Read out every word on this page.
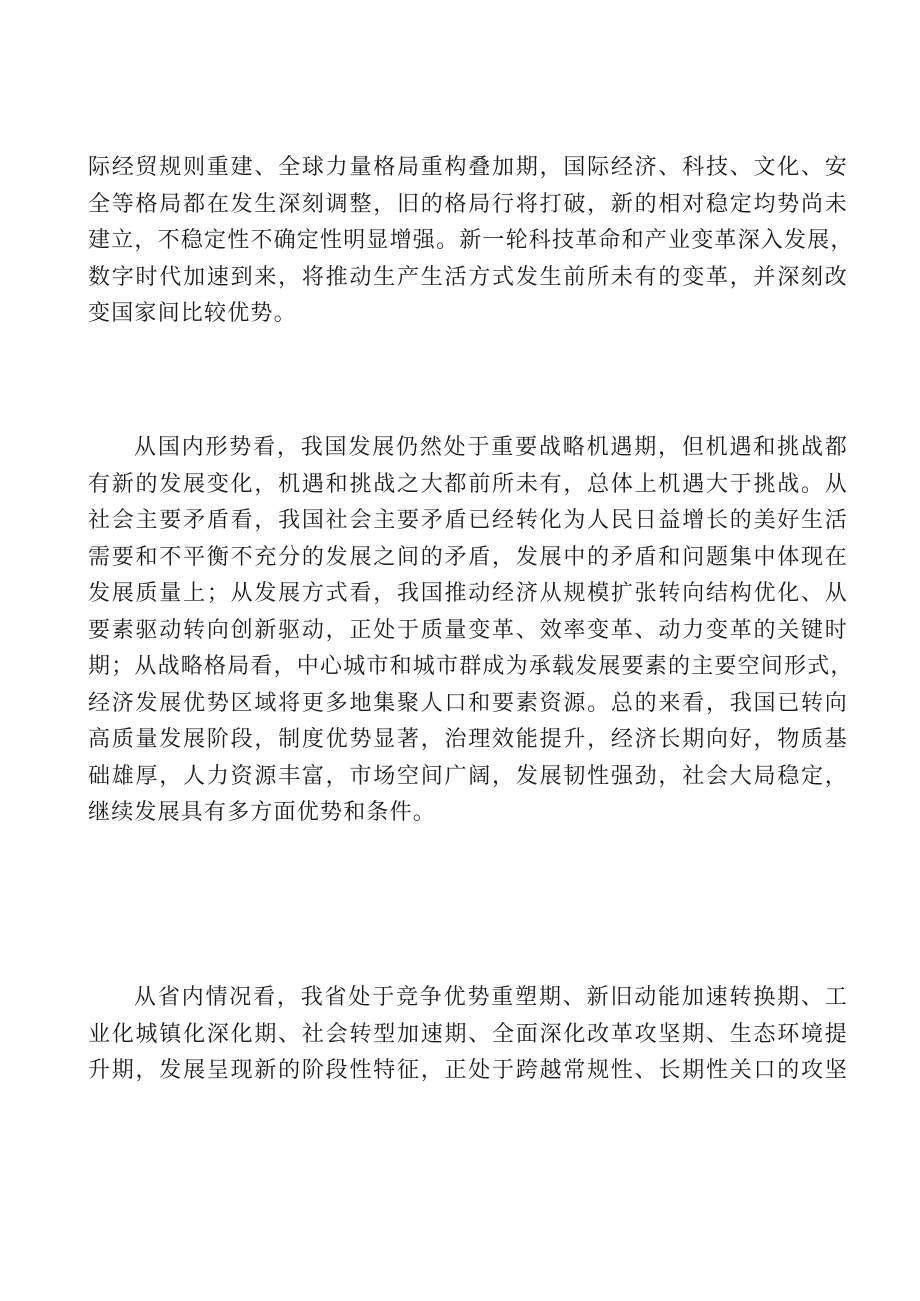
际经贸规则重建、全球力量格局重构叠加期，国际经济、科技、文化、安
全等格局都在发生深刻调整，旧的格局行将打破，新的相对稳定均势尚未
建立，不稳定性不确定性明显增强。新一轮科技革命和产业变革深入发展，
数字时代加速到来，将推动生产生活方式发生前所未有的变革，并深刻改
变国家间比较优势。

从国内形势看，我国发展仍然处于重要战略机遇期，但机遇和挑战都
有新的发展变化，机遇和挑战之大都前所未有，总体上机遇大于挑战。从
社会主要矛盾看，我国社会主要矛盾已经转化为人民日益增长的美好生活
需要和不平衡不充分的发展之间的矛盾，发展中的矛盾和问题集中体现在
发展质量上；从发展方式看，我国推动经济从规模扩张转向结构优化、从
要素驱动转向创新驱动，正处于质量变革、效率变革、动力变革的关键时
期；从战略格局看，中心城市和城市群成为承载发展要素的主要空间形式，
经济发展优势区域将更多地集聚人口和要素资源。总的来看，我国已转向
高质量发展阶段，制度优势显著，治理效能提升，经济长期向好，物质基
础雄厚，人力资源丰富，市场空间广阔，发展韧性强劲，社会大局稳定，
继续发展具有多方面优势和条件。

从省内情况看，我省处于竞争优势重塑期、新旧动能加速转换期、工
业化城镇化深化期、社会转型加速期、全面深化改革攻坚期、生态环境提
升期，发展呈现新的阶段性特征，正处于跨越常规性、长期性关口的攻坚
